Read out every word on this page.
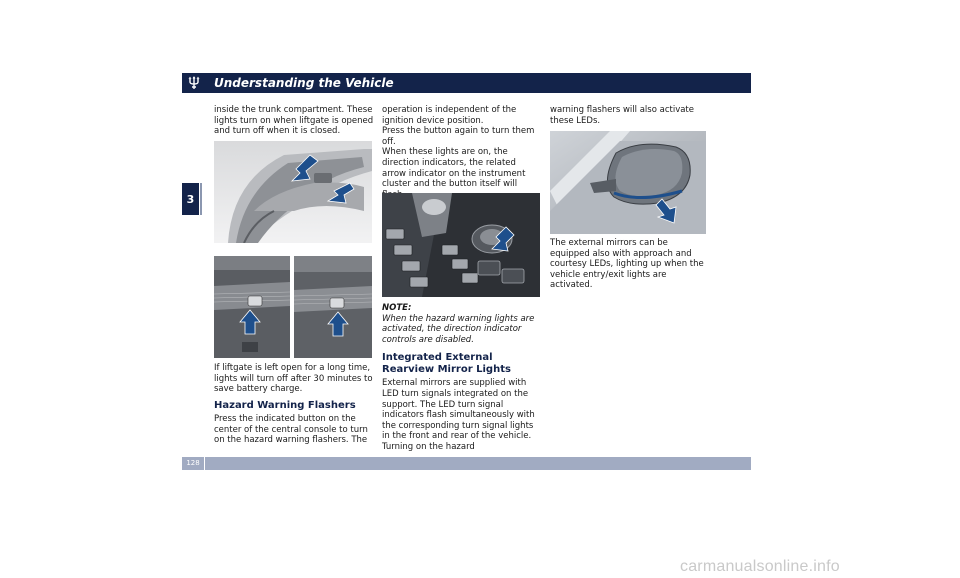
Understanding the Vehicle
3

inside the trunk compartment. These lights turn on when liftgate is opened and turn off when it is closed.

If liftgate is left open for a long time, lights will turn off after 30 minutes to save battery charge.

Hazard Warning Flashers

Press the indicated button on the center of the central console to turn on the hazard warning flashers. The

operation is independent of the ignition device position.

Press the button again to turn them off.

When these lights are on, the direction indicators, the related arrow indicator on the instrument cluster and the button itself will

NOTE:

When the hazard warning lights are activated, the direction indicator controls are disabled.

Integrated External Rearview Mirror Lights

External mirrors are supplied with LED turn signals integrated on the support. The LED turn signal indicators flash simultaneously with the corresponding turn signal lights in the front and rear of the vehicle. Turning on the hazard

warning flashers will also activate these LEDs.

The external mirrors can be equipped also with approach and courtesy LEDs, lighting up when the vehicle entry/exit lights are activated.

128
carmanualsonline.info
